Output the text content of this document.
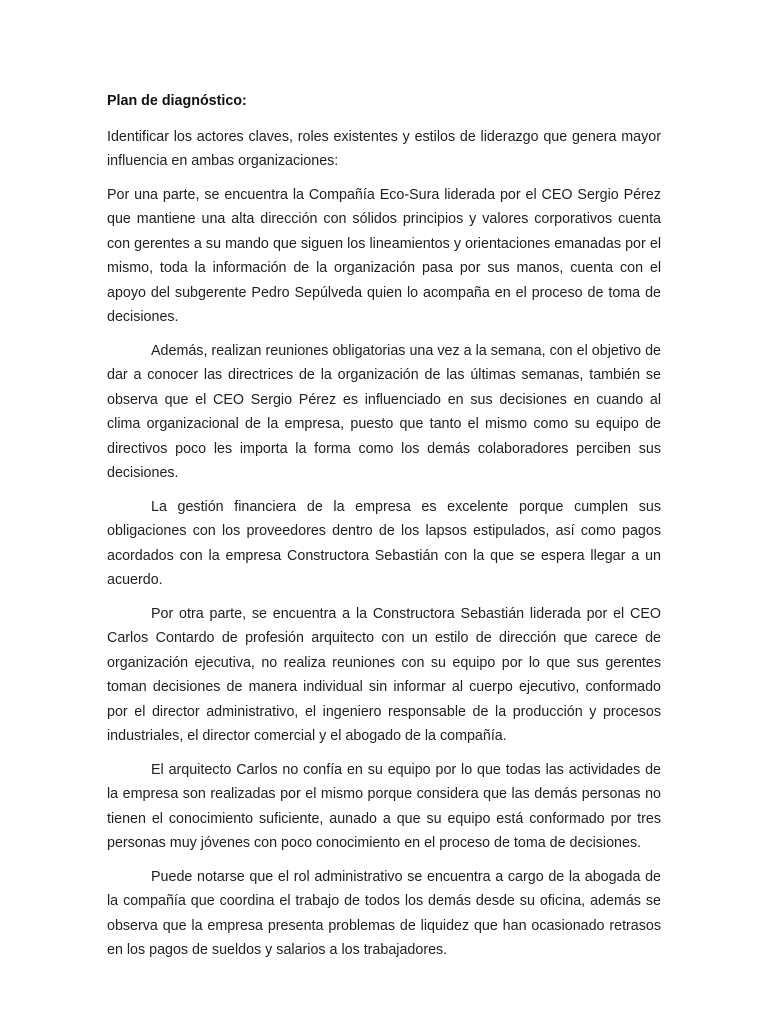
Plan de diagnóstico:

Identificar los actores claves, roles existentes y estilos de liderazgo que genera mayor influencia en ambas organizaciones:

Por una parte, se encuentra la Compañía Eco-Sura liderada por el CEO Sergio Pérez que mantiene una alta dirección con sólidos principios y valores corporativos cuenta con gerentes a su mando que siguen los lineamientos y orientaciones emanadas por el mismo, toda la información de la organización pasa por sus manos, cuenta con el apoyo del subgerente Pedro Sepúlveda quien lo acompaña en el proceso de toma de decisiones.

Además, realizan reuniones obligatorias una vez a la semana, con el objetivo de dar a conocer las directrices de la organización de las últimas semanas, también se observa que el CEO Sergio Pérez es influenciado en sus decisiones en cuando al clima organizacional de la empresa, puesto que tanto el mismo como su equipo de directivos poco les importa la forma como los demás colaboradores perciben sus decisiones.

La gestión financiera de la empresa es excelente porque cumplen sus obligaciones con los proveedores dentro de los lapsos estipulados, así como pagos acordados con la empresa Constructora Sebastián con la que se espera llegar a un acuerdo.

Por otra parte, se encuentra a la Constructora Sebastián liderada por el CEO Carlos Contardo de profesión arquitecto con un estilo de dirección que carece de organización ejecutiva, no realiza reuniones con su equipo por lo que sus gerentes toman decisiones de manera individual sin informar al cuerpo ejecutivo, conformado por el director administrativo, el ingeniero responsable de la producción y procesos industriales, el director comercial y el abogado de la compañía.

El arquitecto Carlos no confía en su equipo por lo que todas las actividades de la empresa son realizadas por el mismo porque considera que las demás personas no tienen el conocimiento suficiente, aunado a que su equipo está conformado por tres personas muy jóvenes con poco conocimiento en el proceso de toma de decisiones.

Puede notarse que el rol administrativo se encuentra a cargo de la abogada de la compañía que coordina el trabajo de todos los demás desde su oficina, además se observa que la empresa presenta problemas de liquidez que han ocasionado retrasos en los pagos de sueldos y salarios a los trabajadores.
